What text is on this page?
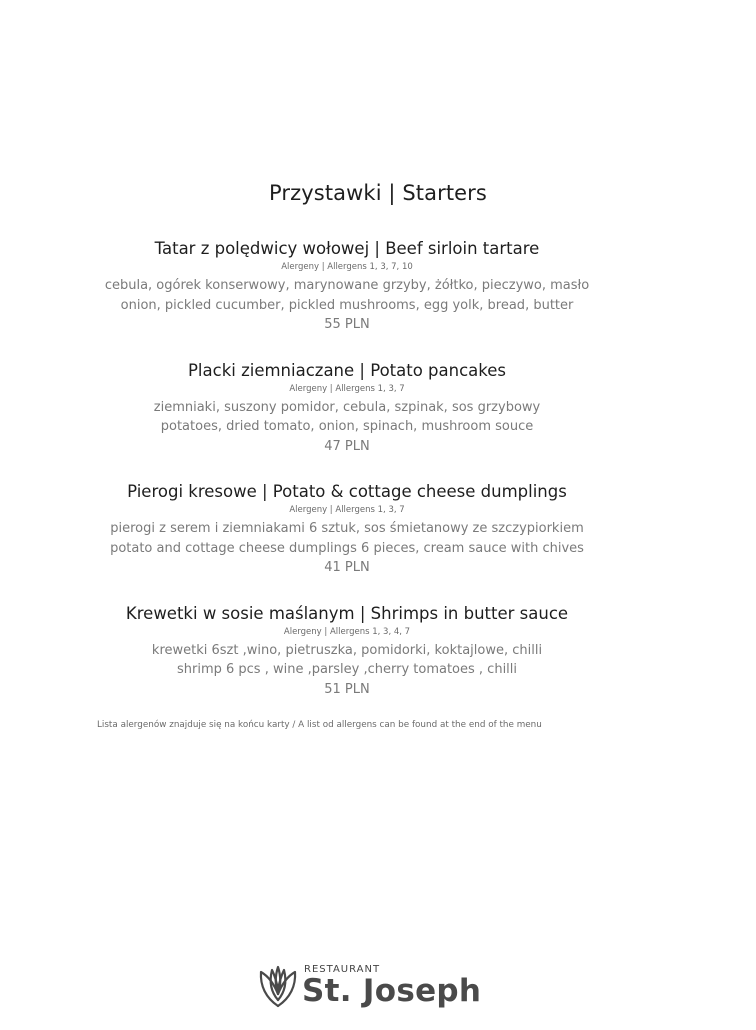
Przystawki | Starters
Tatar z polędwicy wołowej | Beef sirloin tartare
Alergeny | Allergens 1, 3, 7, 10
cebula, ogórek konserwowy, marynowane grzyby, żółtko, pieczywo, masło
onion, pickled cucumber, pickled mushrooms, egg yolk, bread, butter
55 PLN
Placki ziemniaczane | Potato pancakes
Alergeny | Allergens 1, 3, 7
ziemniaki, suszony pomidor, cebula, szpinak, sos grzybowy
potatoes, dried tomato, onion, spinach, mushroom souce
47 PLN
Pierogi kresowe | Potato & cottage cheese dumplings
Alergeny | Allergens 1, 3, 7
pierogi z serem i ziemniakami 6 sztuk, sos śmietanowy ze szczypiorkiem
potato and cottage cheese dumplings 6 pieces, cream sauce with chives
41 PLN
Krewetki w sosie maślanym | Shrimps in butter sauce
Alergeny | Allergens 1, 3, 4, 7
krewetki 6szt ,wino, pietruszka, pomidorki, koktajlowe, chilli
shrimp 6 pcs , wine ,parsley ,cherry tomatoes , chilli
51 PLN
Lista alergenów znajduje się na końcu karty / A list od allergens can be found at the end of the menu
RESTAURANT
St. Joseph
